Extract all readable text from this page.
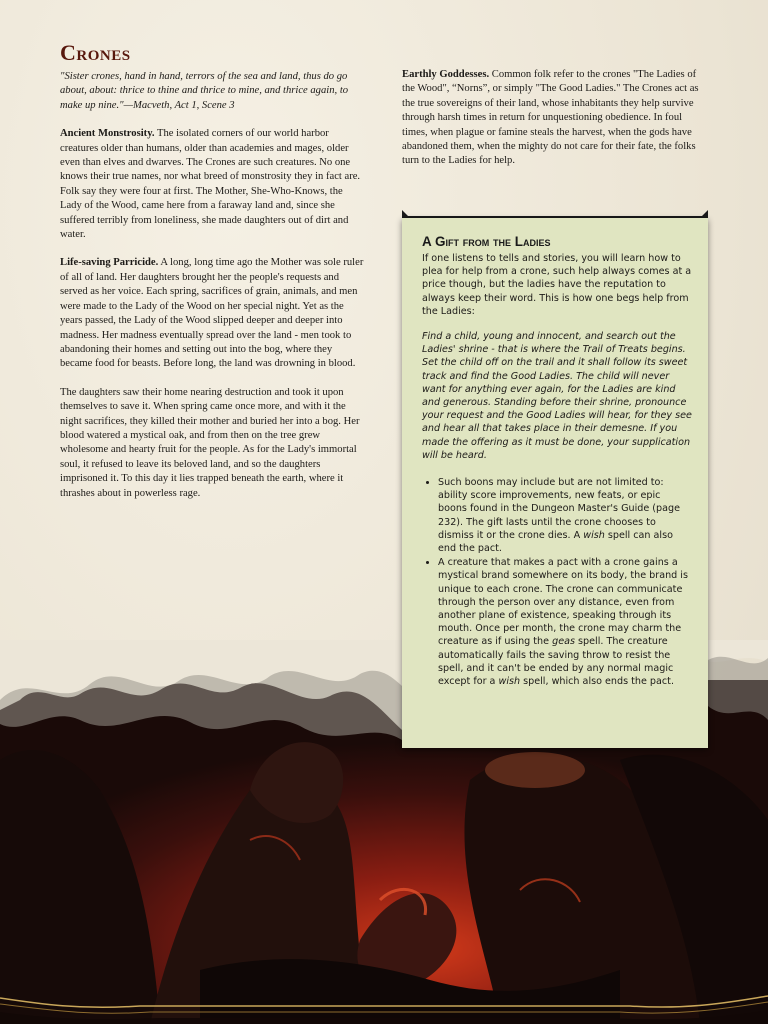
Crones

"Sister crones, hand in hand, terrors of the sea and land, thus do go about, about: thrice to thine and thrice to mine, and thrice again, to make up nine."—Macveth, Act 1, Scene 3

Ancient Monstrosity. The isolated corners of our world harbor creatures older than humans, older than academies and mages, older even than elves and dwarves. The Crones are such creatures. No one knows their true names, nor what breed of monstrosity they in fact are. Folk say they were four at first. The Mother, She-Who-Knows, the Lady of the Wood, came here from a faraway land and, since she suffered terribly from loneliness, she made daughters out of dirt and water.

Life-saving Parricide. A long, long time ago the Mother was sole ruler of all of land. Her daughters brought her the people's requests and served as her voice. Each spring, sacrifices of grain, animals, and men were made to the Lady of the Wood on her special night. Yet as the years passed, the Lady of the Wood slipped deeper and deeper into madness. Her madness eventually spread over the land - men took to abandoning their homes and setting out into the bog, where they became food for beasts. Before long, the land was drowning in blood.

The daughters saw their home nearing destruction and took it upon themselves to save it. When spring came once more, and with it the night sacrifices, they killed their mother and buried her into a bog. Her blood watered a mystical oak, and from then on the tree grew wholesome and hearty fruit for the people. As for the Lady's immortal soul, it refused to leave its beloved land, and so the daughters imprisoned it. To this day it lies trapped beneath the earth, where it thrashes about in powerless rage.

Earthly Goddesses. Common folk refer to the crones "The Ladies of the Wood", “Norns”, or simply "The Good Ladies." The Crones act as the true sovereigns of their land, whose inhabitants they help survive through harsh times in return for unquestioning obedience. In foul times, when plague or famine steals the harvest, when the gods have abandoned them, when the mighty do not care for their fate, the folks turn to the Ladies for help.

A Gift from the Ladies

If one listens to tells and stories, you will learn how to plea for help from a crone, such help always comes at a price though, but the ladies have the reputation to always keep their word. This is how one begs help from the Ladies:

Find a child, young and innocent, and search out the Ladies' shrine - that is where the Trail of Treats begins. Set the child off on the trail and it shall follow its sweet track and find the Good Ladies. The child will never want for anything ever again, for the Ladies are kind and generous. Standing before their shrine, pronounce your request and the Good Ladies will hear, for they see and hear all that takes place in their demesne. If you made the offering as it must be done, your supplication will be heard.

• Such boons may include but are not limited to: ability score improvements, new feats, or epic boons found in the Dungeon Master's Guide (page 232). The gift lasts until the crone chooses to dismiss it or the crone dies. A wish spell can also end the pact.
• A creature that makes a pact with a crone gains a mystical brand somewhere on its body, the brand is unique to each crone. The crone can communicate through the person over any distance, even from another plane of existence, speaking through its mouth. Once per month, the crone may charm the creature as if using the geas spell. The creature automatically fails the saving throw to resist the spell, and it can't be ended by any normal magic except for a wish spell, which also ends the pact.
